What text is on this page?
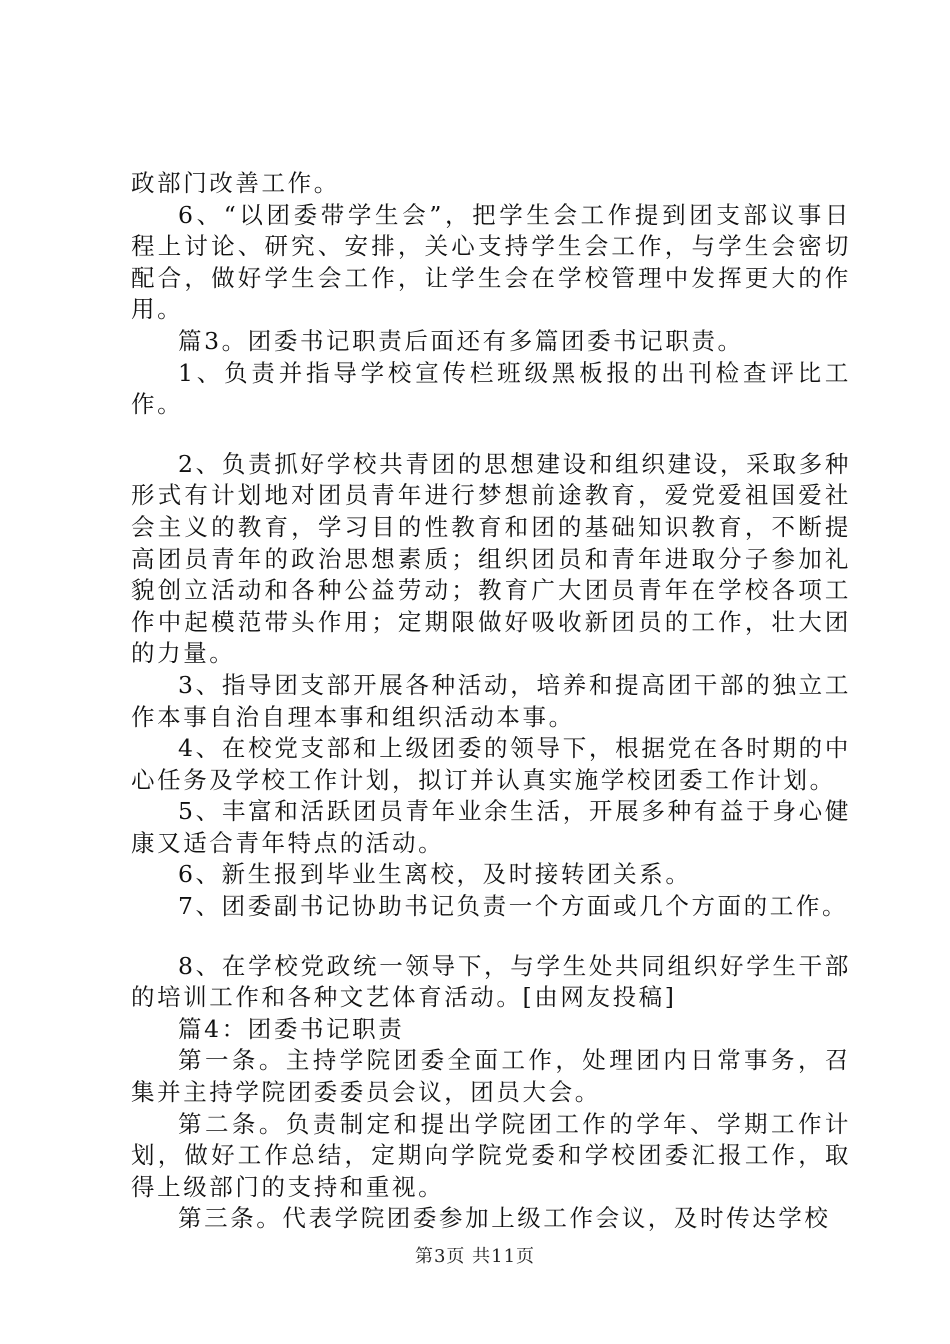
政部门改善工作。

6、“以团委带学生会”，把学生会工作提到团支部议事日程上讨论、研究、安排，关心支持学生会工作，与学生会密切配合，做好学生会工作，让学生会在学校管理中发挥更大的作用。

篇3。团委书记职责后面还有多篇团委书记职责。

1、负责并指导学校宣传栏班级黑板报的出刊检查评比工作。

2、负责抓好学校共青团的思想建设和组织建设，采取多种形式有计划地对团员青年进行梦想前途教育，爱党爱祖国爱社会主义的教育，学习目的性教育和团的基础知识教育，不断提高团员青年的政治思想素质；组织团员和青年进取分子参加礼貌创立活动和各种公益劳动；教育广大团员青年在学校各项工作中起模范带头作用；定期限做好吸收新团员的工作，壮大团的力量。

3、指导团支部开展各种活动，培养和提高团干部的独立工作本事自治自理本事和组织活动本事。

4、在校党支部和上级团委的领导下，根据党在各时期的中心任务及学校工作计划，拟订并认真实施学校团委工作计划。

5、丰富和活跃团员青年业余生活，开展多种有益于身心健康又适合青年特点的活动。

6、新生报到毕业生离校，及时接转团关系。

7、团委副书记协助书记负责一个方面或几个方面的工作。

8、在学校党政统一领导下，与学生处共同组织好学生干部的培训工作和各种文艺体育活动。[由网友投稿]

篇4：团委书记职责

第一条。主持学院团委全面工作，处理团内日常事务，召集并主持学院团委委员会议，团员大会。

第二条。负责制定和提出学院团工作的学年、学期工作计划，做好工作总结，定期向学院党委和学校团委汇报工作，取得上级部门的支持和重视。

第三条。代表学院团委参加上级工作会议，及时传达学校

第3页 共11页
